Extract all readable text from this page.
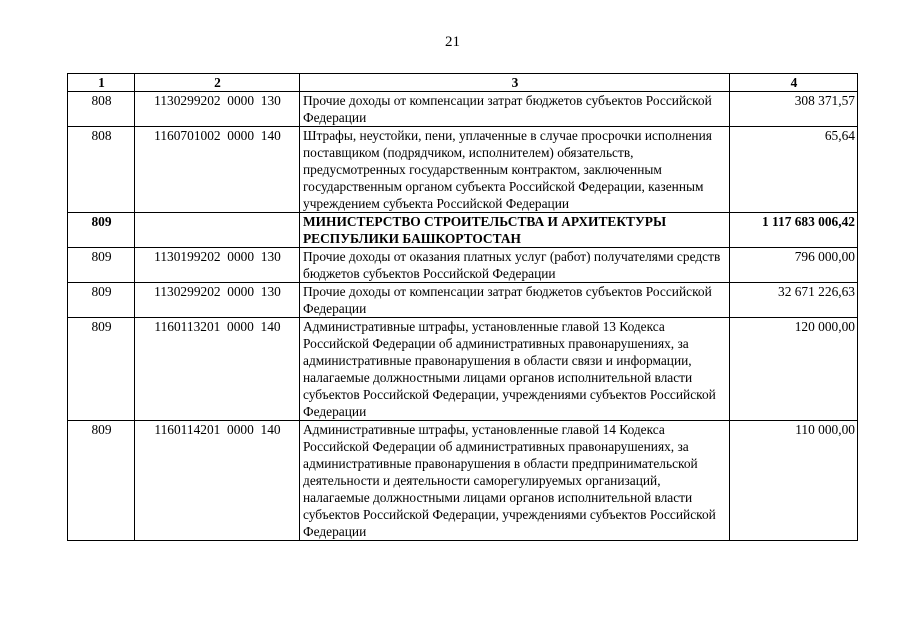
21
1	2	3	4
808	1130299202  0000  130	Прочие доходы от компенсации затрат бюджетов субъектов Российской Федерации	308 371,57
808	1160701002  0000  140	Штрафы, неустойки, пени, уплаченные в случае просрочки исполнения поставщиком (подрядчиком, исполнителем) обязательств, предусмотренных государственным контрактом, заключенным государственным органом субъекта Российской Федерации, казенным учреждением субъекта Российской Федерации	65,64
809		МИНИСТЕРСТВО СТРОИТЕЛЬСТВА И АРХИТЕКТУРЫ РЕСПУБЛИКИ БАШКОРТОСТАН	1 117 683 006,42
809	1130199202  0000  130	Прочие доходы от оказания платных услуг (работ) получателями средств бюджетов субъектов Российской Федерации	796 000,00
809	1130299202  0000  130	Прочие доходы от компенсации затрат бюджетов субъектов Российской Федерации	32 671 226,63
809	1160113201  0000  140	Административные штрафы, установленные главой 13 Кодекса Российской Федерации об административных правонарушениях, за административные правонарушения в области связи и информации, налагаемые должностными лицами органов исполнительной власти субъектов Российской Федерации, учреждениями субъектов Российской Федерации	120 000,00
809	1160114201  0000  140	Административные штрафы, установленные главой 14 Кодекса Российской Федерации об административных правонарушениях, за административные правонарушения в области предпринимательской деятельности и деятельности саморегулируемых организаций, налагаемые должностными лицами органов исполнительной власти субъектов Российской Федерации, учреждениями субъектов Российской Федерации	110 000,00
